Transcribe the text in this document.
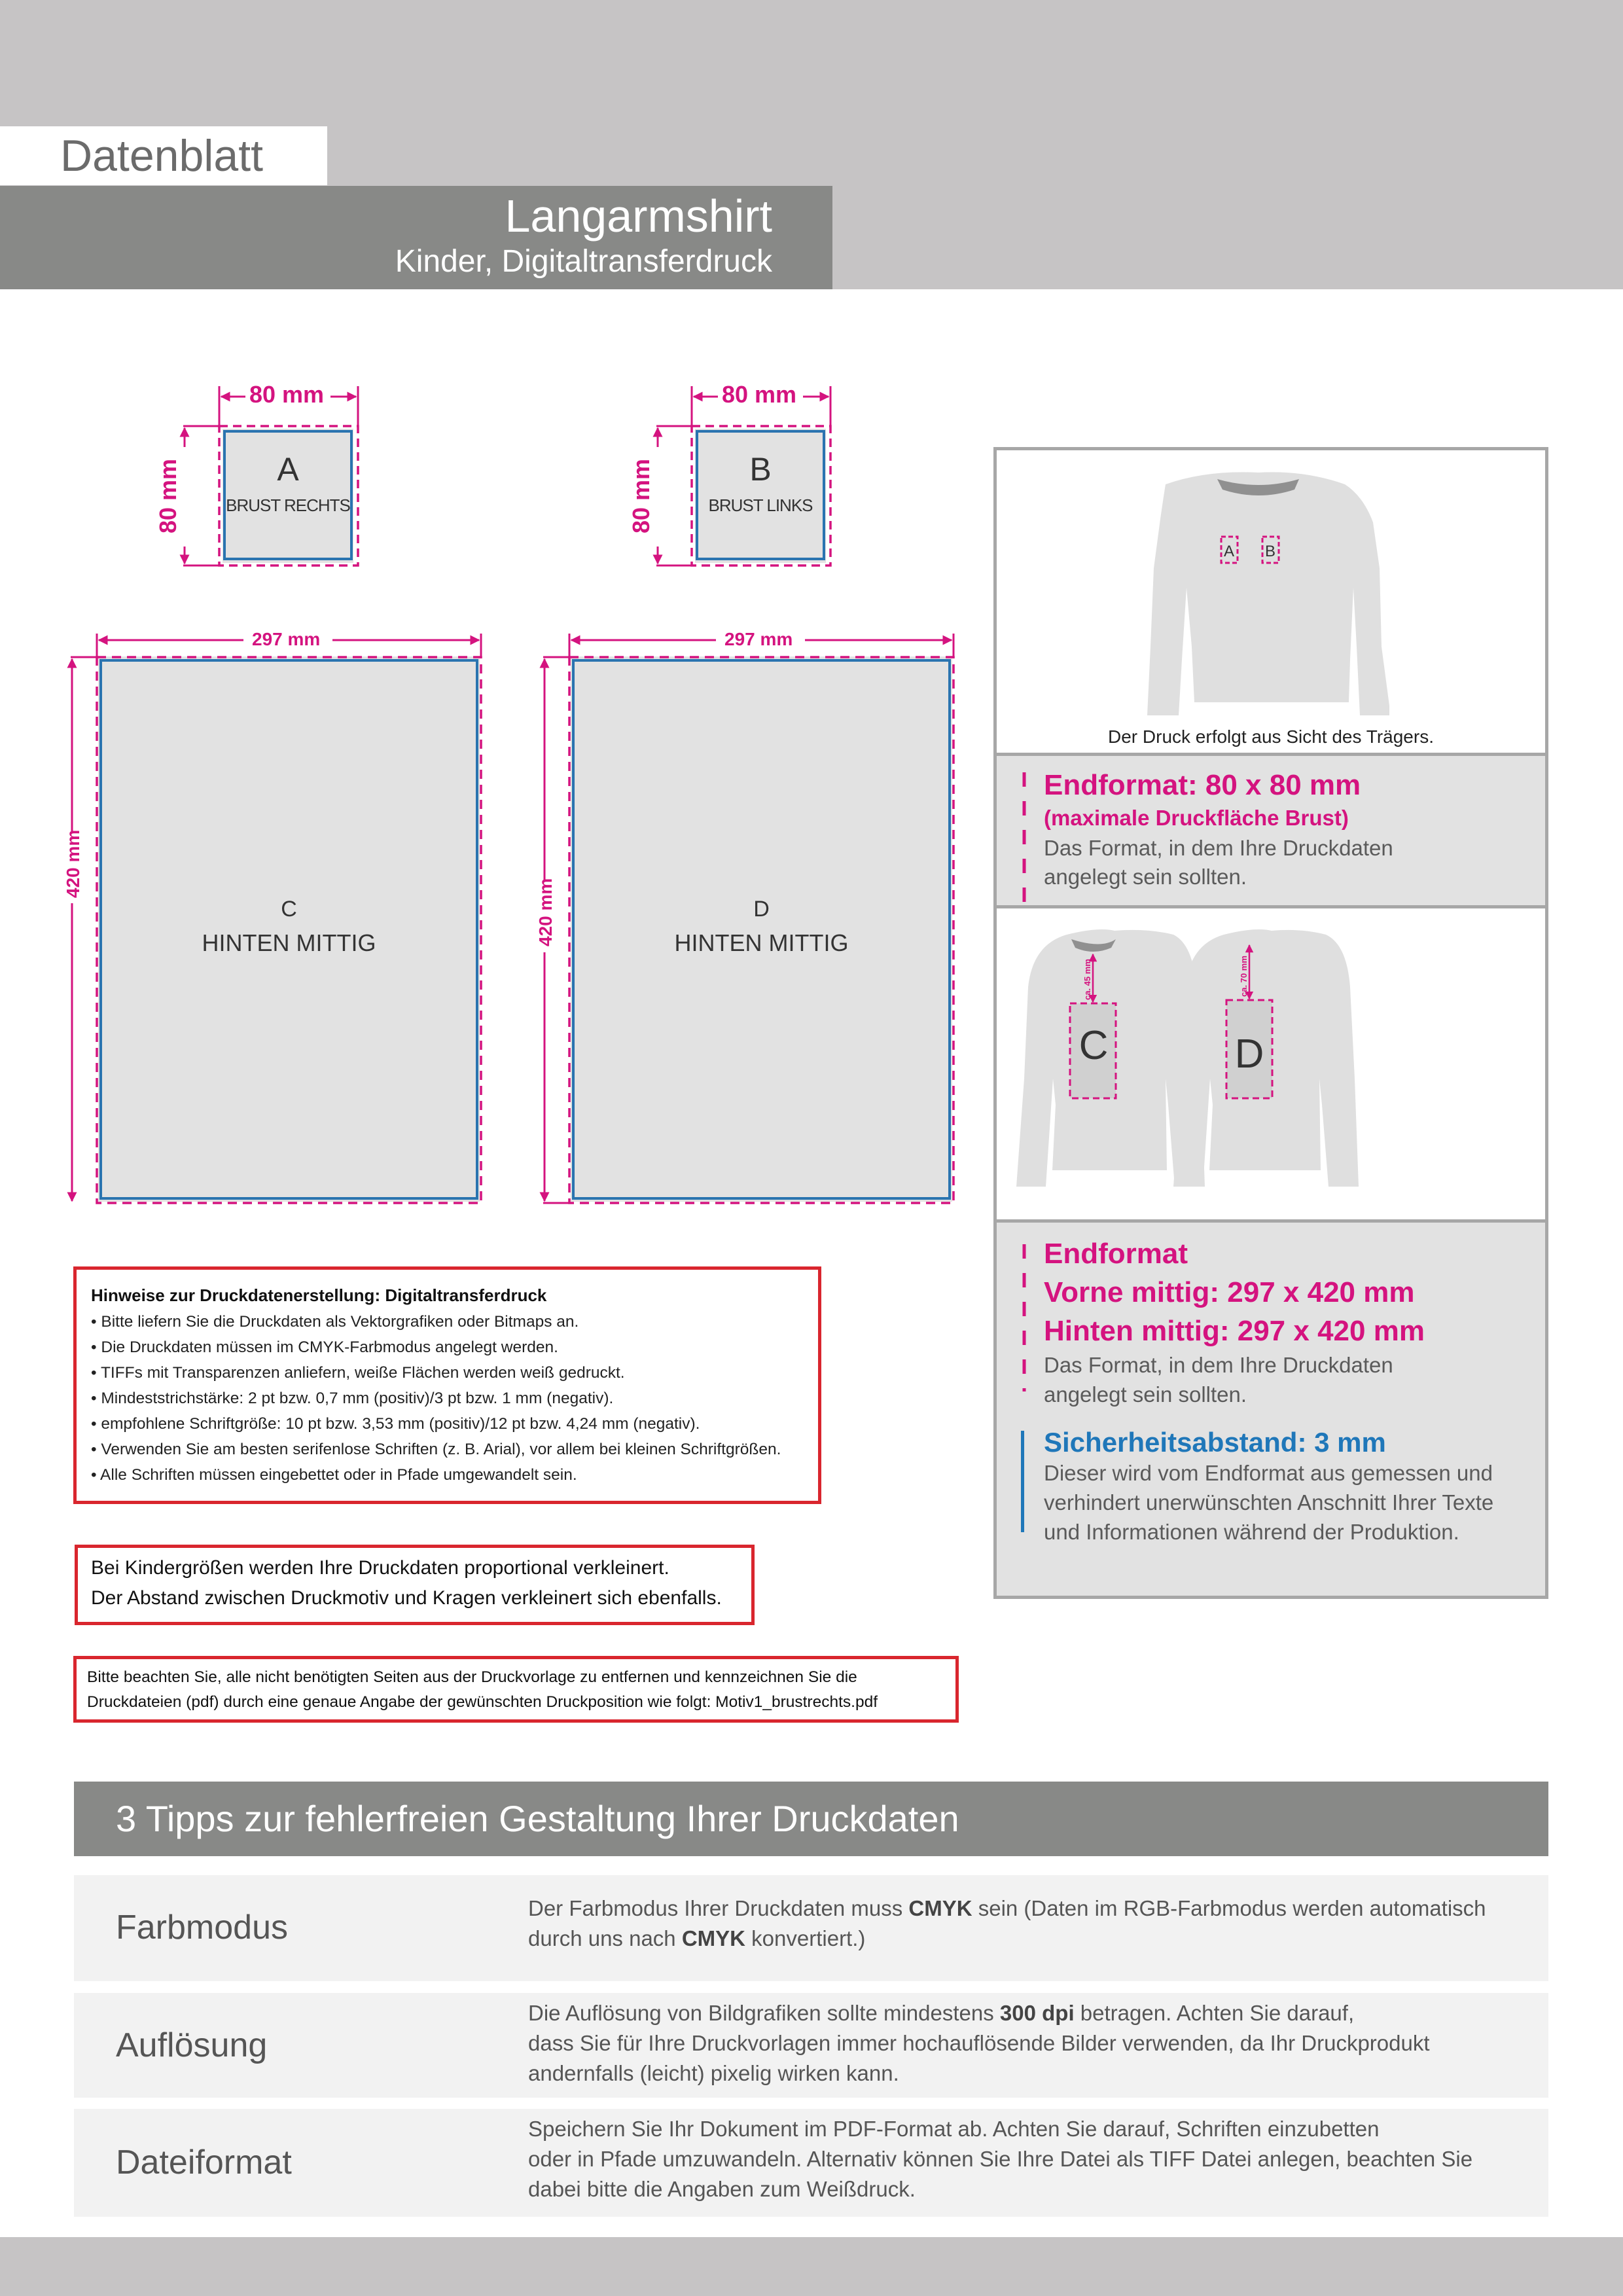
Datenblatt
Langarmshirt
Kinder, Digitaltransferdruck
80 mm	80 mm
80 mm	80 mm
297 mm	297 mm
420 mm
420 mm
A
BRUST RECHTS
B
BRUST LINKS
C
HINTEN MITTIG
D
HINTEN MITTIG
A B
Der Druck erfolgt aus Sicht des Trägers.
Endformat: 80 x 80 mm
(maximale Druckfläche Brust)
Das Format, in dem Ihre Druckdaten
angelegt sein sollten.
ca. 45 mm
C
ca. 70 mm
D
Endformat
Vorne mittig: 297 x 420 mm
Hinten mittig: 297 x 420 mm
Das Format, in dem Ihre Druckdaten
angelegt sein sollten.
Sicherheitsabstand: 3 mm
Dieser wird vom Endformat aus gemessen und
verhindert unerwünschten Anschnitt Ihrer Texte
und Informationen während der Produktion.
Hinweise zur Druckdatenerstellung: Digitaltransferdruck
• Bitte liefern Sie die Druckdaten als Vektorgrafiken oder Bitmaps an.
• Die Druckdaten müssen im CMYK-Farbmodus angelegt werden.
• TIFFs mit Transparenzen anliefern, weiße Flächen werden weiß gedruckt.
• Mindeststrichstärke: 2 pt bzw. 0,7 mm (positiv)/3 pt bzw. 1 mm (negativ).
• empfohlene Schriftgröße: 10 pt bzw. 3,53 mm (positiv)/12 pt bzw. 4,24 mm (negativ).
• Verwenden Sie am besten serifenlose Schriften (z. B. Arial), vor allem bei kleinen Schriftgrößen.
• Alle Schriften müssen eingebettet oder in Pfade umgewandelt sein.
Bei Kindergrößen werden Ihre Druckdaten proportional verkleinert.
Der Abstand zwischen Druckmotiv und Kragen verkleinert sich ebenfalls.
Bitte beachten Sie, alle nicht benötigten Seiten aus der Druckvorlage zu entfernen und kennzeichnen Sie die
Druckdateien (pdf) durch eine genaue Angabe der gewünschten Druckposition wie folgt: Motiv1_brustrechts.pdf
3 Tipps zur fehlerfreien Gestaltung Ihrer Druckdaten
Farbmodus
Der Farbmodus Ihrer Druckdaten muss CMYK sein (Daten im RGB-Farbmodus werden automatisch
durch uns nach CMYK konvertiert.)
Auflösung
Die Auflösung von Bildgrafiken sollte mindestens 300 dpi betragen. Achten Sie darauf,
dass Sie für Ihre Druckvorlagen immer hochauflösende Bilder verwenden, da Ihr Druckprodukt
andernfalls (leicht) pixelig wirken kann.
Dateiformat
Speichern Sie Ihr Dokument im PDF-Format ab. Achten Sie darauf, Schriften einzubetten
oder in Pfade umzuwandeln. Alternativ können Sie Ihre Datei als TIFF Datei anlegen, beachten Sie
dabei bitte die Angaben zum Weißdruck.
